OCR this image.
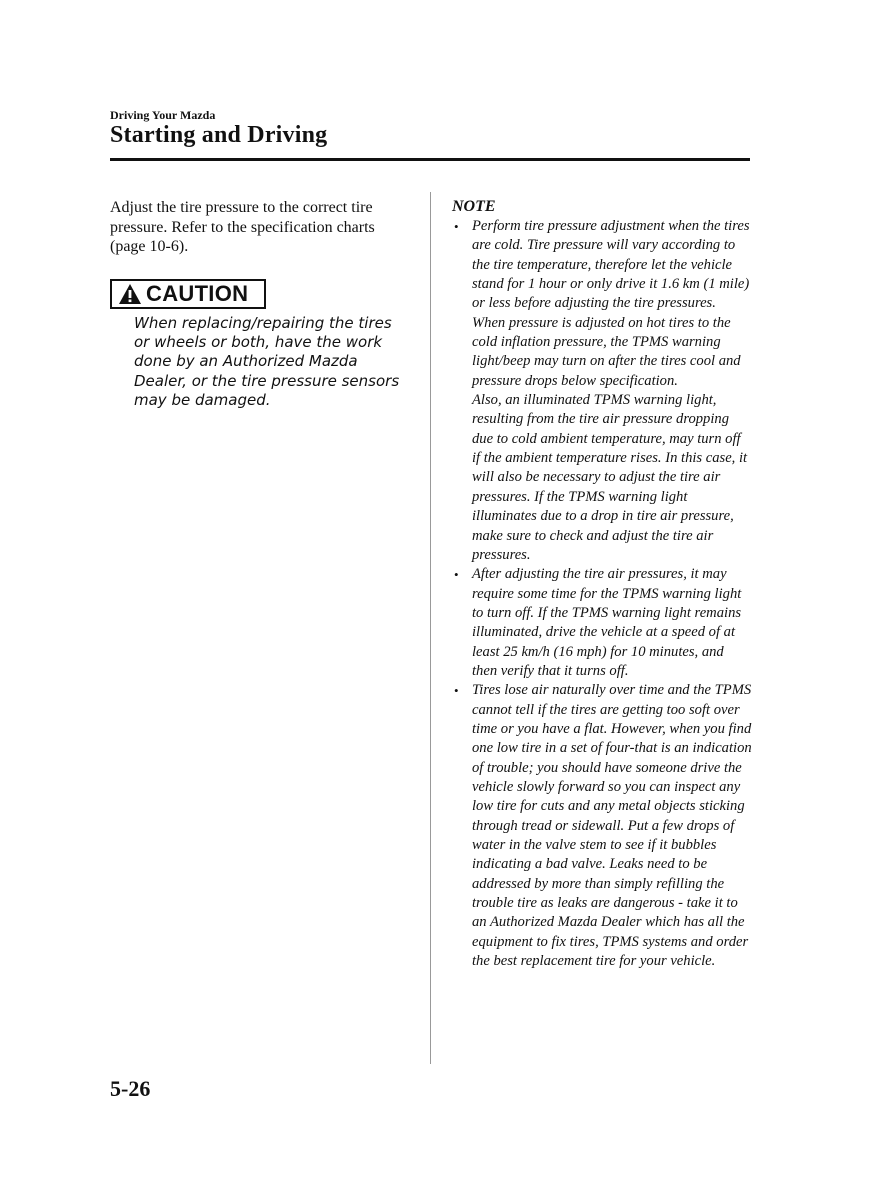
Driving Your Mazda
Starting and Driving

Adjust the tire pressure to the correct tire pressure. Refer to the specification charts (page 10-6).

CAUTION

When replacing/repairing the tires or wheels or both, have the work done by an Authorized Mazda Dealer, or the tire pressure sensors may be damaged.

NOTE
• Perform tire pressure adjustment when the tires are cold. Tire pressure will vary according to the tire temperature, therefore let the vehicle stand for 1 hour or only drive it 1.6 km (1 mile) or less before adjusting the tire pressures. When pressure is adjusted on hot tires to the cold inflation pressure, the TPMS warning light/beep may turn on after the tires cool and pressure drops below specification.

Also, an illuminated TPMS warning light, resulting from the tire air pressure dropping due to cold ambient temperature, may turn off if the ambient temperature rises. In this case, it will also be necessary to adjust the tire air pressures. If the TPMS warning light illuminates due to a drop in tire air pressure, make sure to check and adjust the tire air pressures.

• After adjusting the tire air pressures, it may require some time for the TPMS warning light to turn off. If the TPMS warning light remains illuminated, drive the vehicle at a speed of at least 25 km/h (16 mph) for 10 minutes, and then verify that it turns off.

• Tires lose air naturally over time and the TPMS cannot tell if the tires are getting too soft over time or you have a flat. However, when you find one low tire in a set of four-that is an indication of trouble; you should have someone drive the vehicle slowly forward so you can inspect any low tire for cuts and any metal objects sticking through tread or sidewall. Put a few drops of water in the valve stem to see if it bubbles indicating a bad valve. Leaks need to be addressed by more than simply refilling the trouble tire as leaks are dangerous - take it to an Authorized Mazda Dealer which has all the equipment to fix tires, TPMS systems and order the best replacement tire for your vehicle.

5-26
